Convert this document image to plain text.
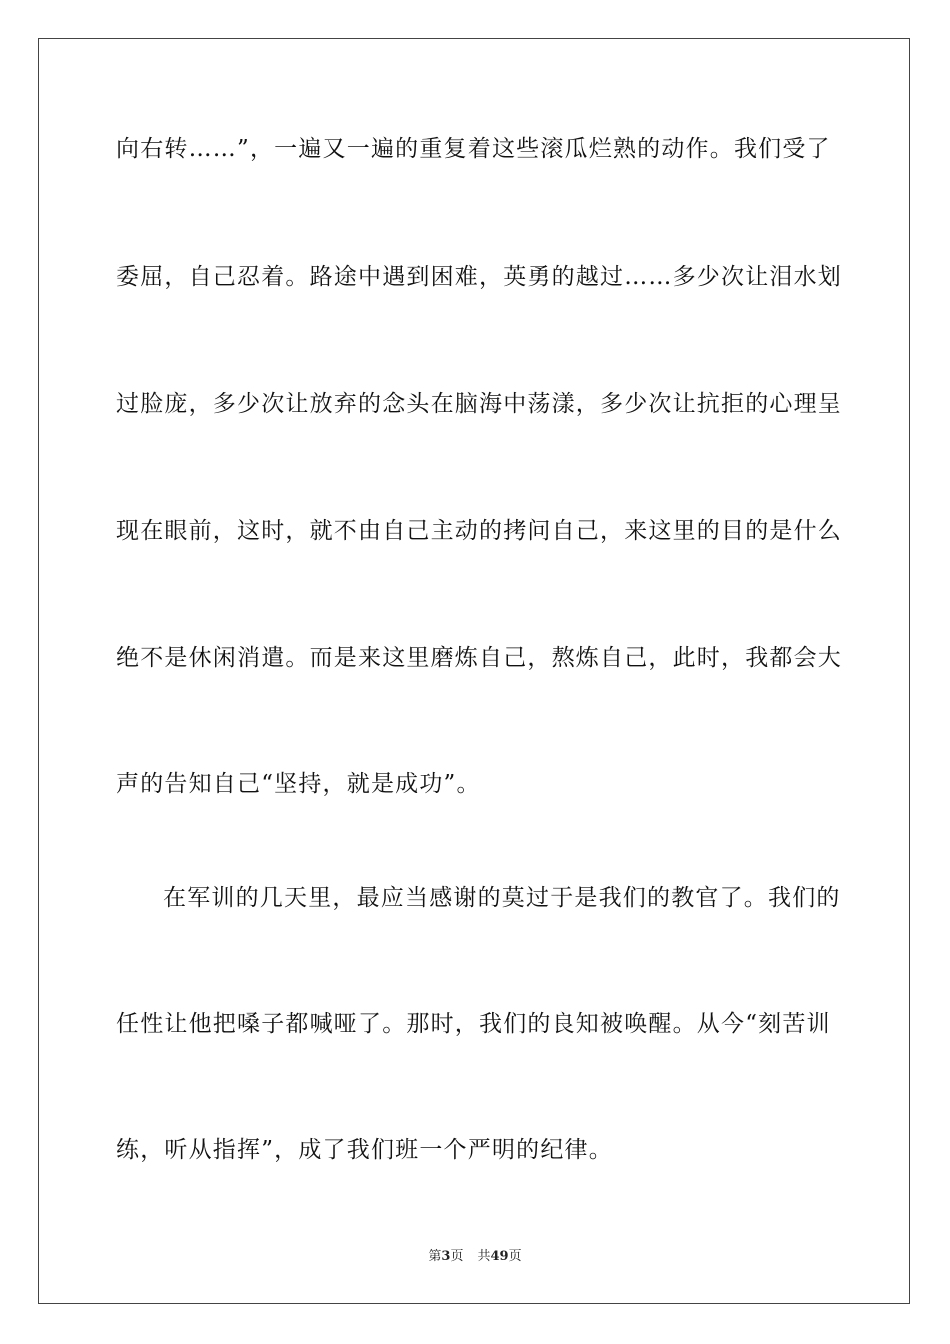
向右转……”，一遍又一遍的重复着这些滚瓜烂熟的动作。我们受了
委屈，自己忍着。路途中遇到困难，英勇的越过……多少次让泪水划
过脸庞，多少次让放弃的念头在脑海中荡漾，多少次让抗拒的心理呈
现在眼前，这时，就不由自己主动的拷问自己，来这里的目的是什么
绝不是休闲消遣。而是来这里磨炼自己，熬炼自己，此时，我都会大
声的告知自己“坚持，就是成功”。
在军训的几天里，最应当感谢的莫过于是我们的教官了。我们的
任性让他把嗓子都喊哑了。那时，我们的良知被唤醒。从今“刻苦训
练，听从指挥”，成了我们班一个严明的纪律。
第3页 共49页
